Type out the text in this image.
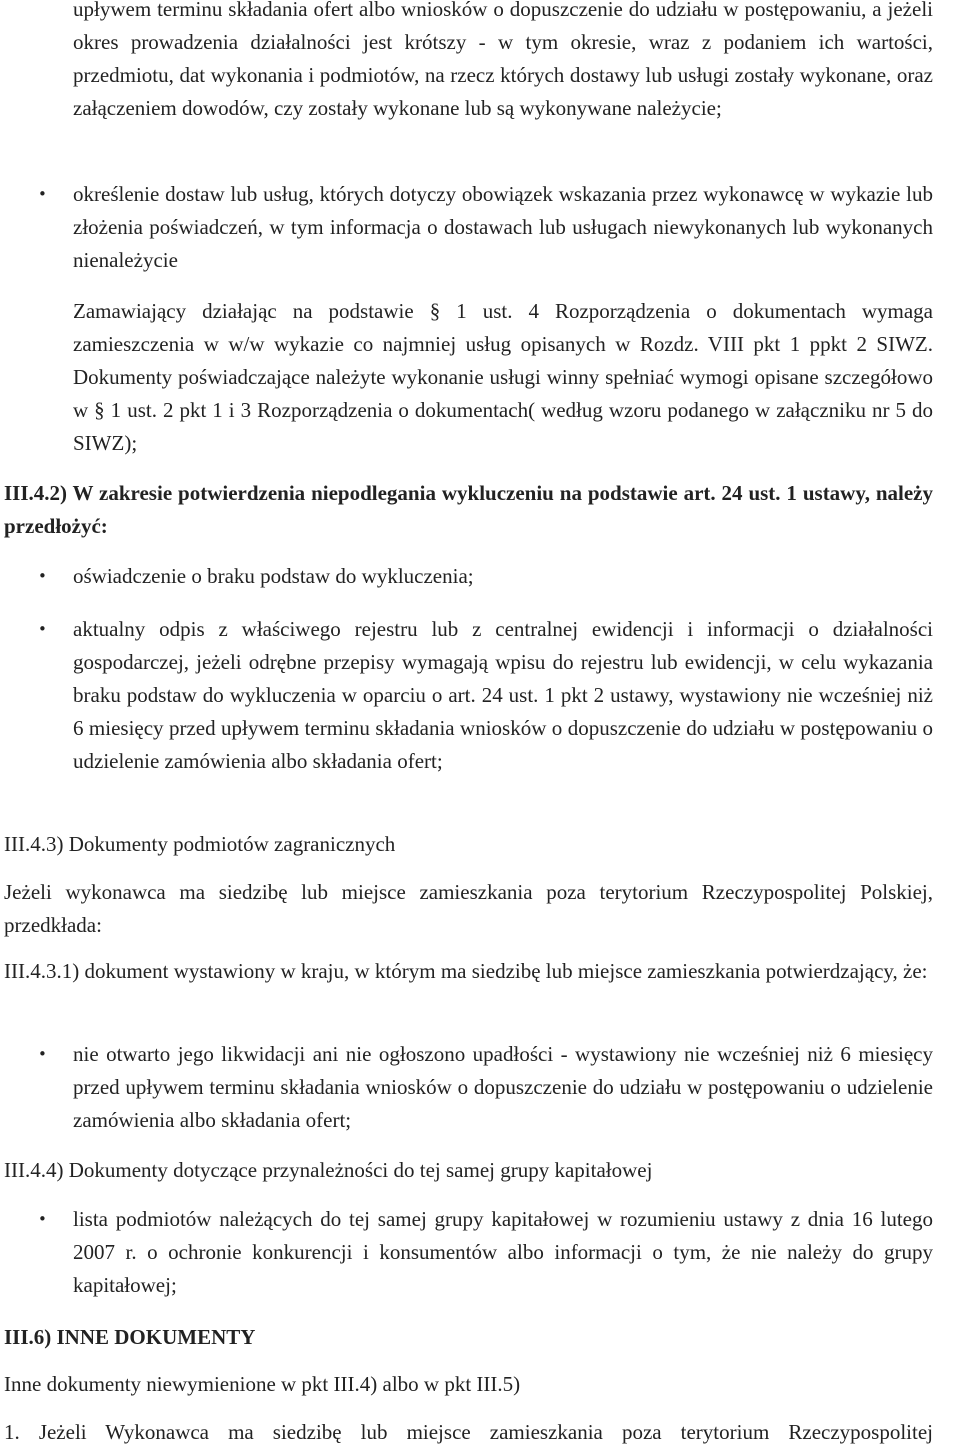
upływem terminu składania ofert albo wniosków o dopuszczenie do udziału w postępowaniu, a jeżeli okres prowadzenia działalności jest krótszy - w tym okresie, wraz z podaniem ich wartości, przedmiotu, dat wykonania i podmiotów, na rzecz których dostawy lub usługi zostały wykonane, oraz załączeniem dowodów, czy zostały wykonane lub są wykonywane należycie;

• określenie dostaw lub usług, których dotyczy obowiązek wskazania przez wykonawcę w wykazie lub złożenia poświadczeń, w tym informacja o dostawach lub usługach niewykonanych lub wykonanych nienależycie

Zamawiający działając na podstawie § 1 ust. 4 Rozporządzenia o dokumentach wymaga zamieszczenia w w/w wykazie co najmniej usług opisanych w Rozdz. VIII pkt 1 ppkt 2 SIWZ. Dokumenty poświadczające należyte wykonanie usługi winny spełniać wymogi opisane szczegółowo w § 1 ust. 2 pkt 1 i 3 Rozporządzenia o dokumentach( według wzoru podanego w załączniku nr 5 do SIWZ);

III.4.2) W zakresie potwierdzenia niepodlegania wykluczeniu na podstawie art. 24 ust. 1 ustawy, należy przedłożyć:

• oświadczenie o braku podstaw do wykluczenia;

• aktualny odpis z właściwego rejestru lub z centralnej ewidencji i informacji o działalności gospodarczej, jeżeli odrębne przepisy wymagają wpisu do rejestru lub ewidencji, w celu wykazania braku podstaw do wykluczenia w oparciu o art. 24 ust. 1 pkt 2 ustawy, wystawiony nie wcześniej niż 6 miesięcy przed upływem terminu składania wniosków o dopuszczenie do udziału w postępowaniu o udzielenie zamówienia albo składania ofert;

III.4.3) Dokumenty podmiotów zagranicznych

Jeżeli wykonawca ma siedzibę lub miejsce zamieszkania poza terytorium Rzeczypospolitej Polskiej, przedkłada:

III.4.3.1) dokument wystawiony w kraju, w którym ma siedzibę lub miejsce zamieszkania potwierdzający, że:

• nie otwarto jego likwidacji ani nie ogłoszono upadłości - wystawiony nie wcześniej niż 6 miesięcy przed upływem terminu składania wniosków o dopuszczenie do udziału w postępowaniu o udzielenie zamówienia albo składania ofert;

III.4.4) Dokumenty dotyczące przynależności do tej samej grupy kapitałowej

• lista podmiotów należących do tej samej grupy kapitałowej w rozumieniu ustawy z dnia 16 lutego 2007 r. o ochronie konkurencji i konsumentów albo informacji o tym, że nie należy do grupy kapitałowej;

III.6) INNE DOKUMENTY

Inne dokumenty niewymienione w pkt III.4) albo w pkt III.5)

1. Jeżeli Wykonawca ma siedzibę lub miejsce zamieszkania poza terytorium Rzeczypospolitej
